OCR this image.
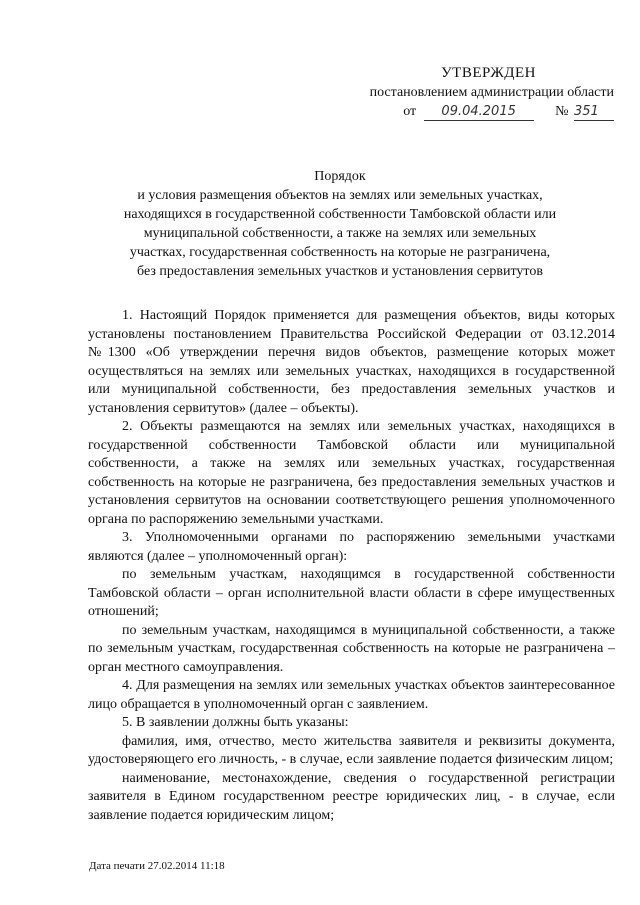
УТВЕРЖДЕН
постановлением администрации области
от 09.04.2015	№ 351
Порядок
и условия размещения объектов на землях или земельных участках,
находящихся в государственной собственности Тамбовской области или
муниципальной собственности, а также на землях или земельных
участках, государственная собственность на которые не разграничена,
без предоставления земельных участков и установления сервитутов

1. Настоящий Порядок применяется для размещения объектов, виды которых установлены постановлением Правительства Российской Федерации от 03.12.2014 №1300 «Об утверждении перечня видов объектов, размещение которых может осуществляться на землях или земельных участках, находящихся в государственной или муниципальной собственности, без предоставления земельных участков и установления сервитутов» (далее – объекты).

2. Объекты размещаются на землях или земельных участках, находящихся в государственной собственности Тамбовской области или муниципальной собственности, а также на землях или земельных участках, государственная собственность на которые не разграничена, без предоставления земельных участков и установления сервитутов на основании соответствующего решения уполномоченного органа по распоряжению земельными участками.

3. Уполномоченными органами по распоряжению земельными участками являются (далее – уполномоченный орган):

по земельным участкам, находящимся в государственной собственности Тамбовской области – орган исполнительной власти области в сфере имущественных отношений;

по земельным участкам, находящимся в муниципальной собственности, а также по земельным участкам, государственная собственность на которые не разграничена – орган местного самоуправления.

4. Для размещения на землях или земельных участках объектов заинтересованное лицо обращается в уполномоченный орган с заявлением.

5. В заявлении должны быть указаны:

фамилия, имя, отчество, место жительства заявителя и реквизиты документа, удостоверяющего его личность, - в случае, если заявление подается физическим лицом;

наименование, местонахождение, сведения о государственной регистрации заявителя в Едином государственном реестре юридических лиц, - в случае, если заявление подается юридическим лицом;

Дата печати 27.02.2014 11:18
